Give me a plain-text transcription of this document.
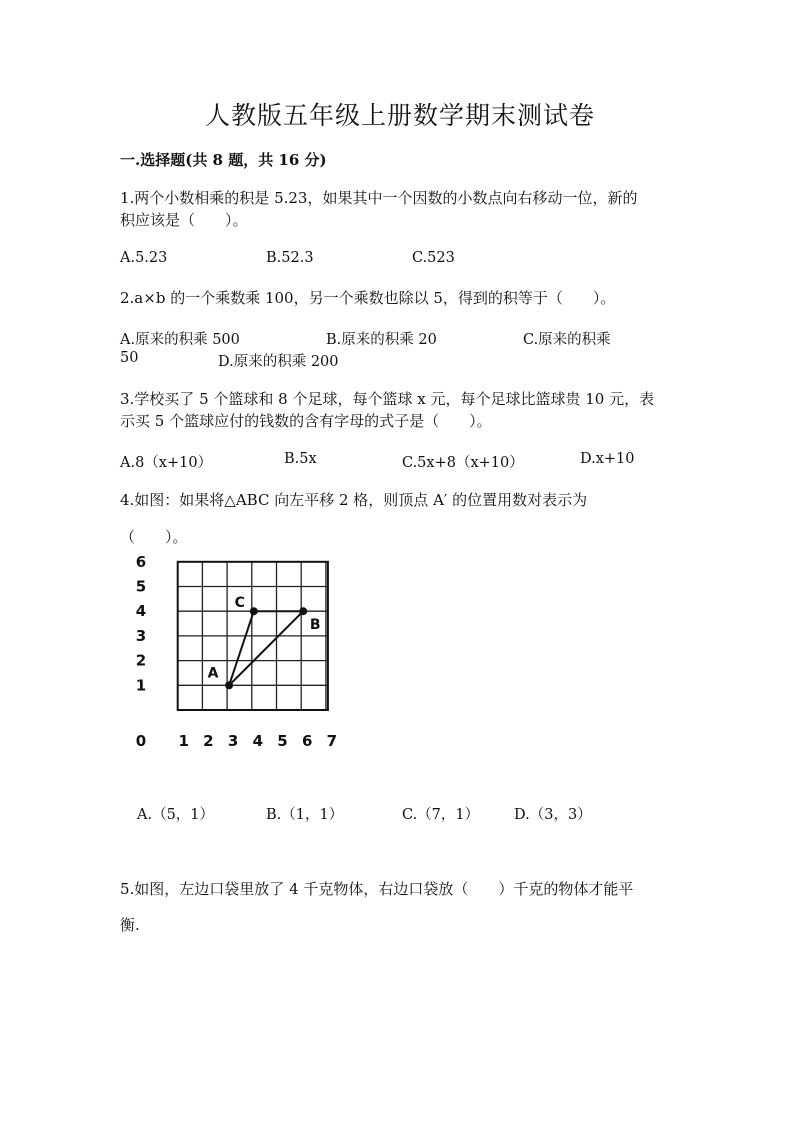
人教版五年级上册数学期末测试卷
一.选择题(共 8 题，共 16 分)
1.两个小数相乘的积是 5.23，如果其中一个因数的小数点向右移动一位，新的
积应该是（　　）。
A.5.23	B.52.3	C.523
2.a×b 的一个乘数乘 100，另一个乘数也除以 5，得到的积等于（　　）。
A.原来的积乘 500	B.原来的积乘 20	C.原来的积乘
50	D.原来的积乘 200
3.学校买了 5 个篮球和 8 个足球，每个篮球 x 元，每个足球比篮球贵 10 元，表
示买 5 个篮球应付的钱数的含有字母的式子是（　　）。
A.8（x+10）	B.5x	C.5x+8（x+10）	D.x+10
4.如图：如果将△ABC 向左平移 2 格，则顶点 A′ 的位置用数对表示为
（　　）。
1
2
3
4
5
6
0 1 2 3 4 5 6 7
A
B
C
A.（5，1）	B.（1，1）	C.（7，1） D.（3，3）
5.如图，左边口袋里放了 4 千克物体，右边口袋放（　　）千克的物体才能平
衡.
